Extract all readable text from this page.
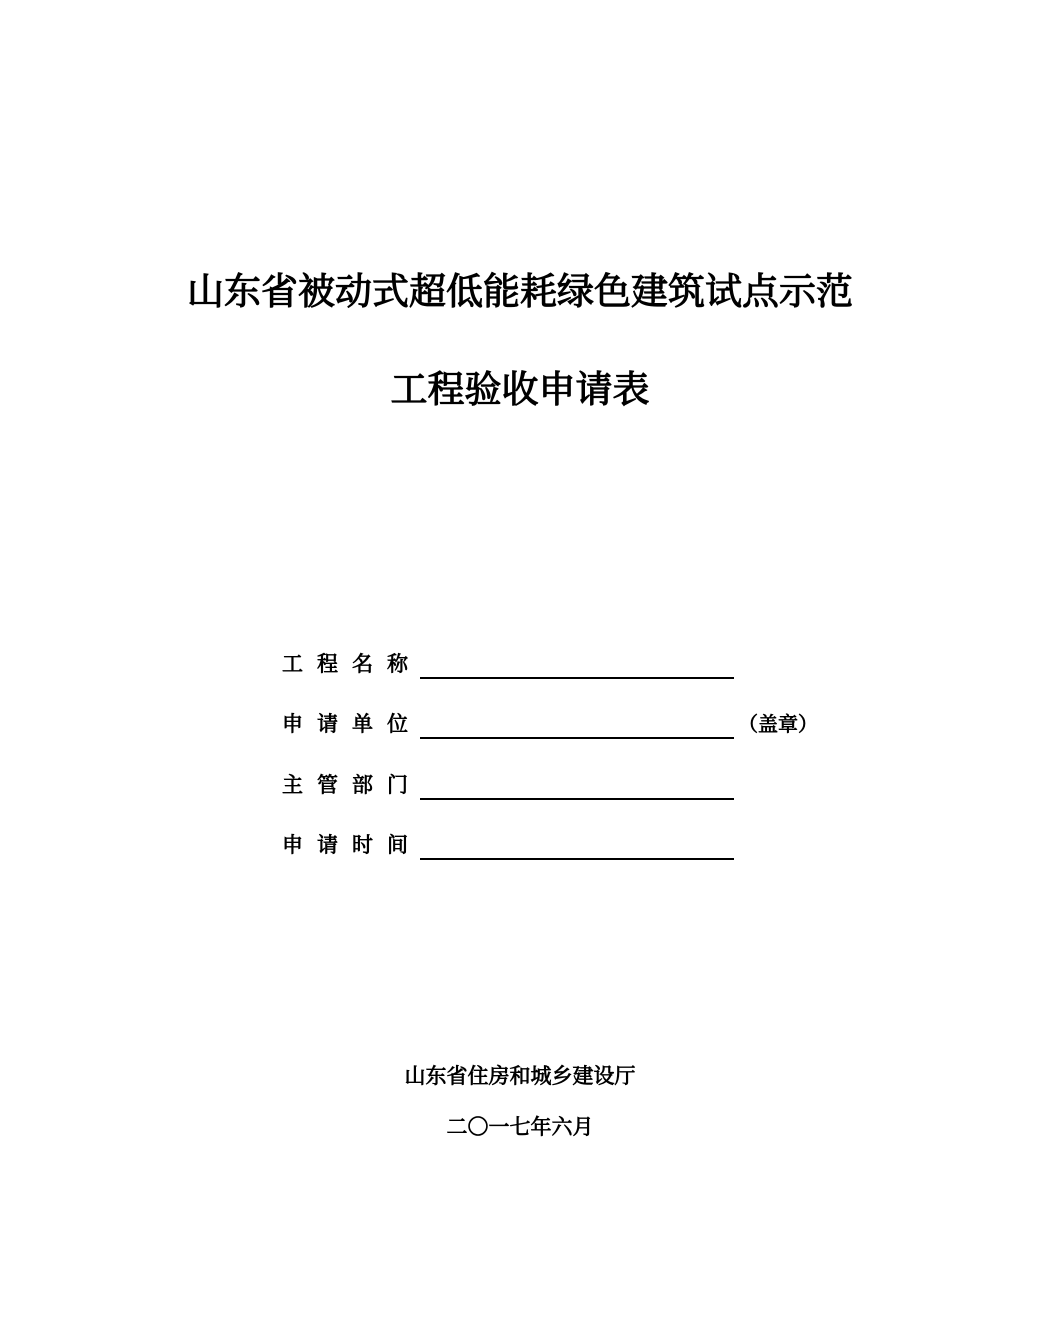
山东省被动式超低能耗绿色建筑试点示范
工程验收申请表
工程名称
申请单位	（盖章）
主管部门
申请时间
山东省住房和城乡建设厅
二〇一七年六月
